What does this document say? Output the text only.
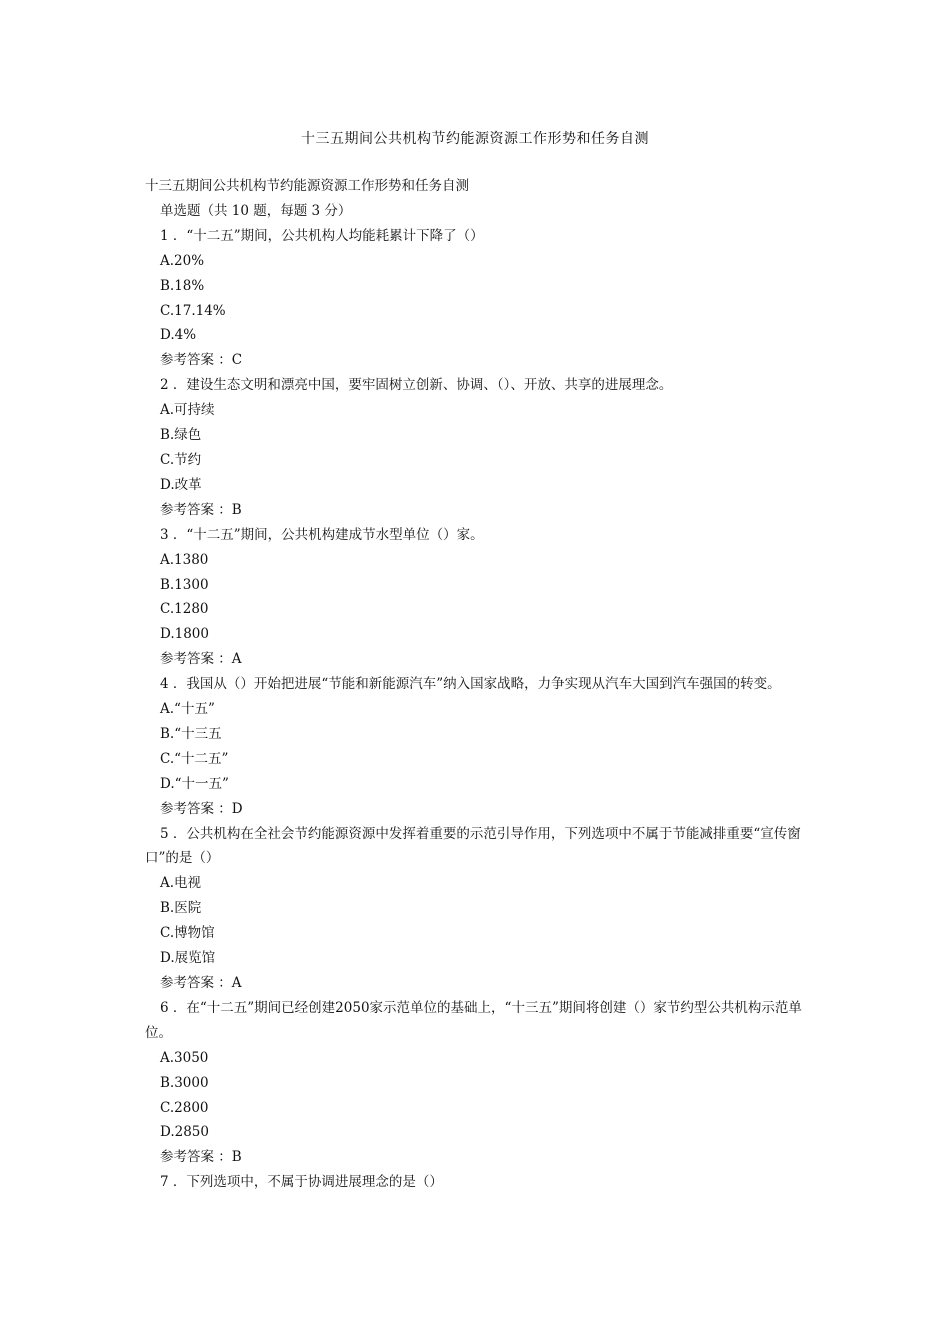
十三五期间公共机构节约能源资源工作形势和任务自测
十三五期间公共机构节约能源资源工作形势和任务自测
单选题（共 10 题，每题 3 分）
1 ．“十二五”期间，公共机构人均能耗累计下降了（）
A.20%
B.18%
C.17.14%
D.4%
参考答案 ：C
2 ．建设生态文明和漂亮中国，要牢固树立创新、协调、（）、开放、共享的进展理念。
A.可持续
B.绿色
C.节约
D.改革
参考答案 ：B
3 ．“十二五”期间，公共机构建成节水型单位（）家。
A.1380
B.1300
C.1280
D.1800
参考答案 ：A
4 ．我国从（）开始把进展“节能和新能源汽车”纳入国家战略，力争实现从汽车大国到汽车强国的转变。
A.“十五”
B.“十三五
C.“十二五”
D.“十一五”
参考答案 ：D
5 ．公共机构在全社会节约能源资源中发挥着重要的示范引导作用，下列选项中不属于节能减排重要“宣传窗口”的是（）
A.电视
B.医院
C.博物馆
D.展览馆
参考答案 ：A
6 ．在“十二五”期间已经创建2050家示范单位的基础上，“十三五”期间将创建（）家节约型公共机构示范单位。
A.3050
B.3000
C.2800
D.2850
参考答案 ：B
7 ．下列选项中，不属于协调进展理念的是（）
